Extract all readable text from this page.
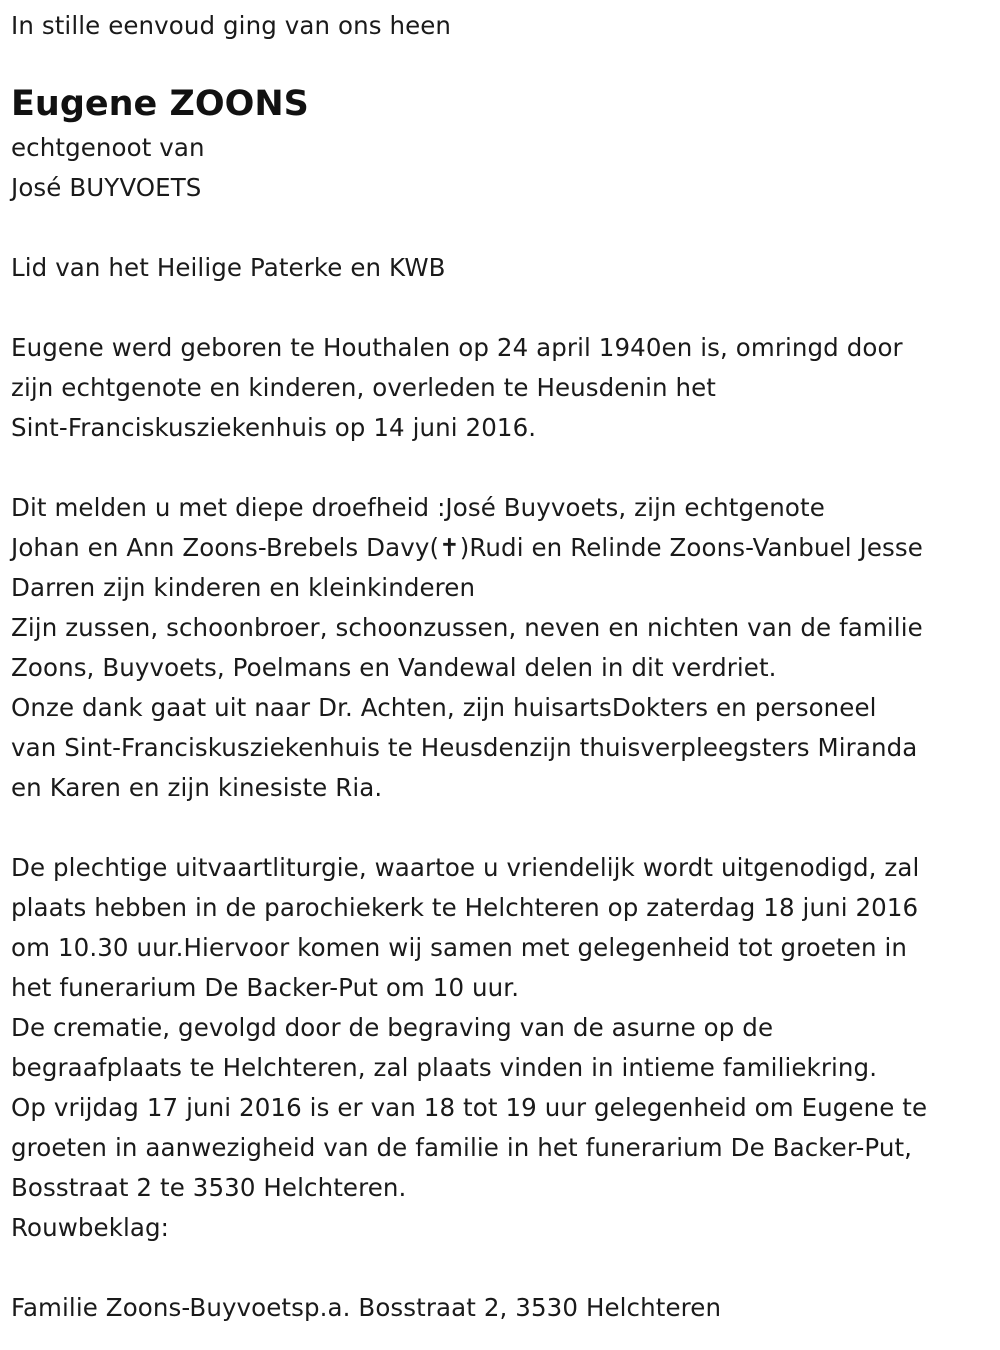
In stille eenvoud ging van ons heen
Eugene ZOONS
echtgenoot van
José BUYVOETS
Lid van het Heilige Paterke en KWB
Eugene werd geboren te Houthalen op 24 april 1940en is, omringd door
zijn echtgenote en kinderen, overleden te Heusdenin het
Sint-Franciskusziekenhuis op 14 juni 2016.
Dit melden u met diepe droefheid :José Buyvoets, zijn echtgenote
Johan en Ann Zoons-Brebels Davy(✝)Rudi en Relinde Zoons-Vanbuel Jesse
Darren zijn kinderen en kleinkinderen
Zijn zussen, schoonbroer, schoonzussen, neven en nichten van de familie
Zoons, Buyvoets, Poelmans en Vandewal delen in dit verdriet.
Onze dank gaat uit naar Dr. Achten, zijn huisartsDokters en personeel
van Sint-Franciskusziekenhuis te Heusdenzijn thuisverpleegsters Miranda
en Karen en zijn kinesiste Ria.
De plechtige uitvaartliturgie, waartoe u vriendelijk wordt uitgenodigd, zal
plaats hebben in de parochiekerk te Helchteren op zaterdag 18 juni 2016
om 10.30 uur.Hiervoor komen wij samen met gelegenheid tot groeten in
het funerarium De Backer-Put om 10 uur.
De crematie, gevolgd door de begraving van de asurne op de
begraafplaats te Helchteren, zal plaats vinden in intieme familiekring.
Op vrijdag 17 juni 2016 is er van 18 tot 19 uur gelegenheid om Eugene te
groeten in aanwezigheid van de familie in het funerarium De Backer-Put,
Bosstraat 2 te 3530 Helchteren.
Rouwbeklag:
Familie Zoons-Buyvoetsp.a. Bosstraat 2, 3530 Helchteren
